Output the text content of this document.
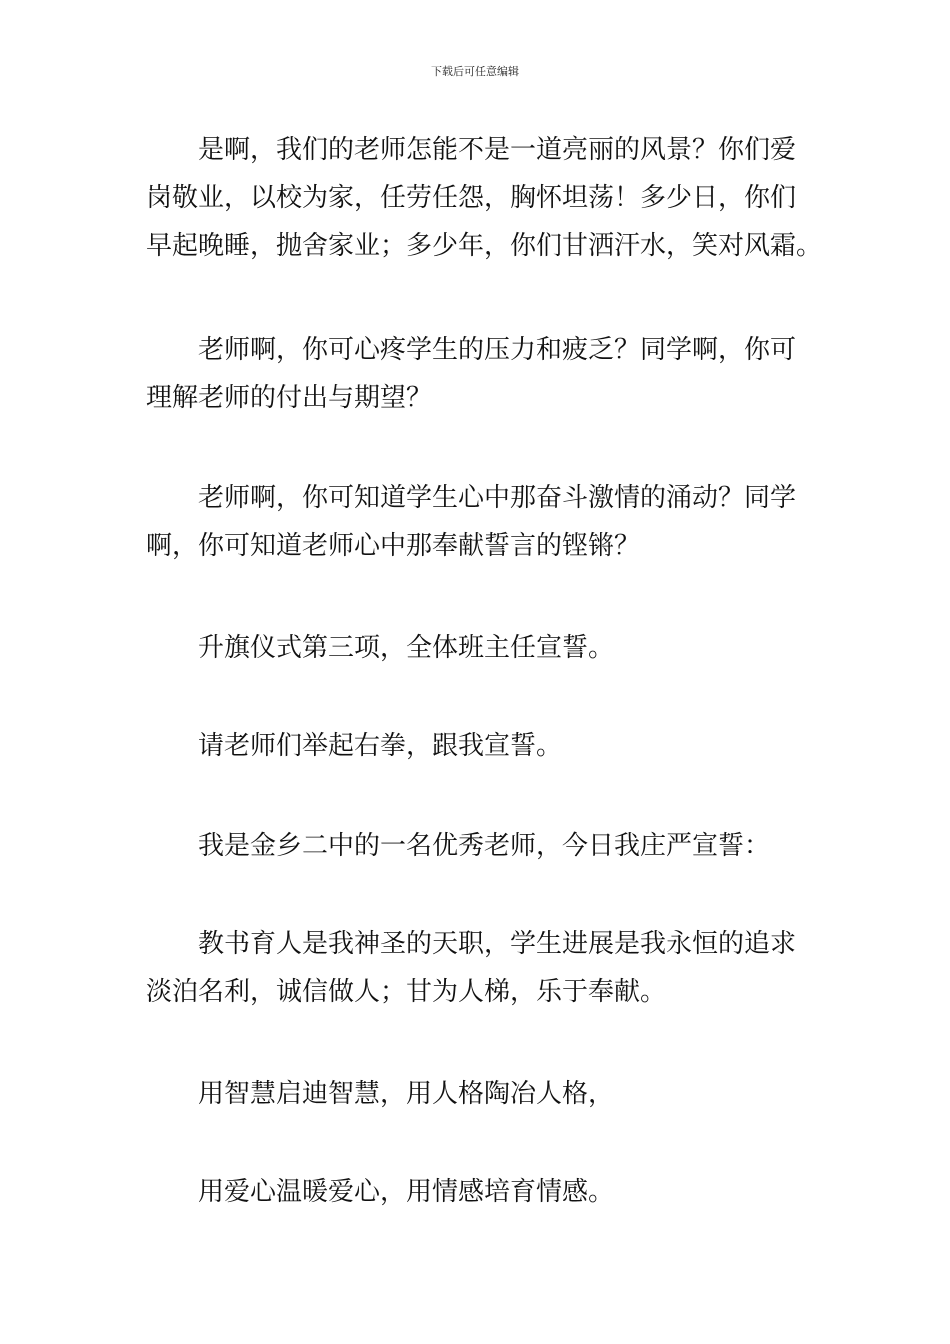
下载后可任意编辑
是啊，我们的老师怎能不是一道亮丽的风景？你们爱
岗敬业，以校为家，任劳任怨，胸怀坦荡！多少日，你们
早起晚睡，抛舍家业；多少年，你们甘洒汗水，笑对风霜。
老师啊，你可心疼学生的压力和疲乏？同学啊，你可
理解老师的付出与期望？
老师啊，你可知道学生心中那奋斗激情的涌动？同学
啊，你可知道老师心中那奉献誓言的铿锵？
升旗仪式第三项，全体班主任宣誓。
请老师们举起右拳，跟我宣誓。
我是金乡二中的一名优秀老师，今日我庄严宣誓：
教书育人是我神圣的天职，学生进展是我永恒的追求
淡泊名利，诚信做人；甘为人梯，乐于奉献。
用智慧启迪智慧，用人格陶冶人格，
用爱心温暖爱心，用情感培育情感。
